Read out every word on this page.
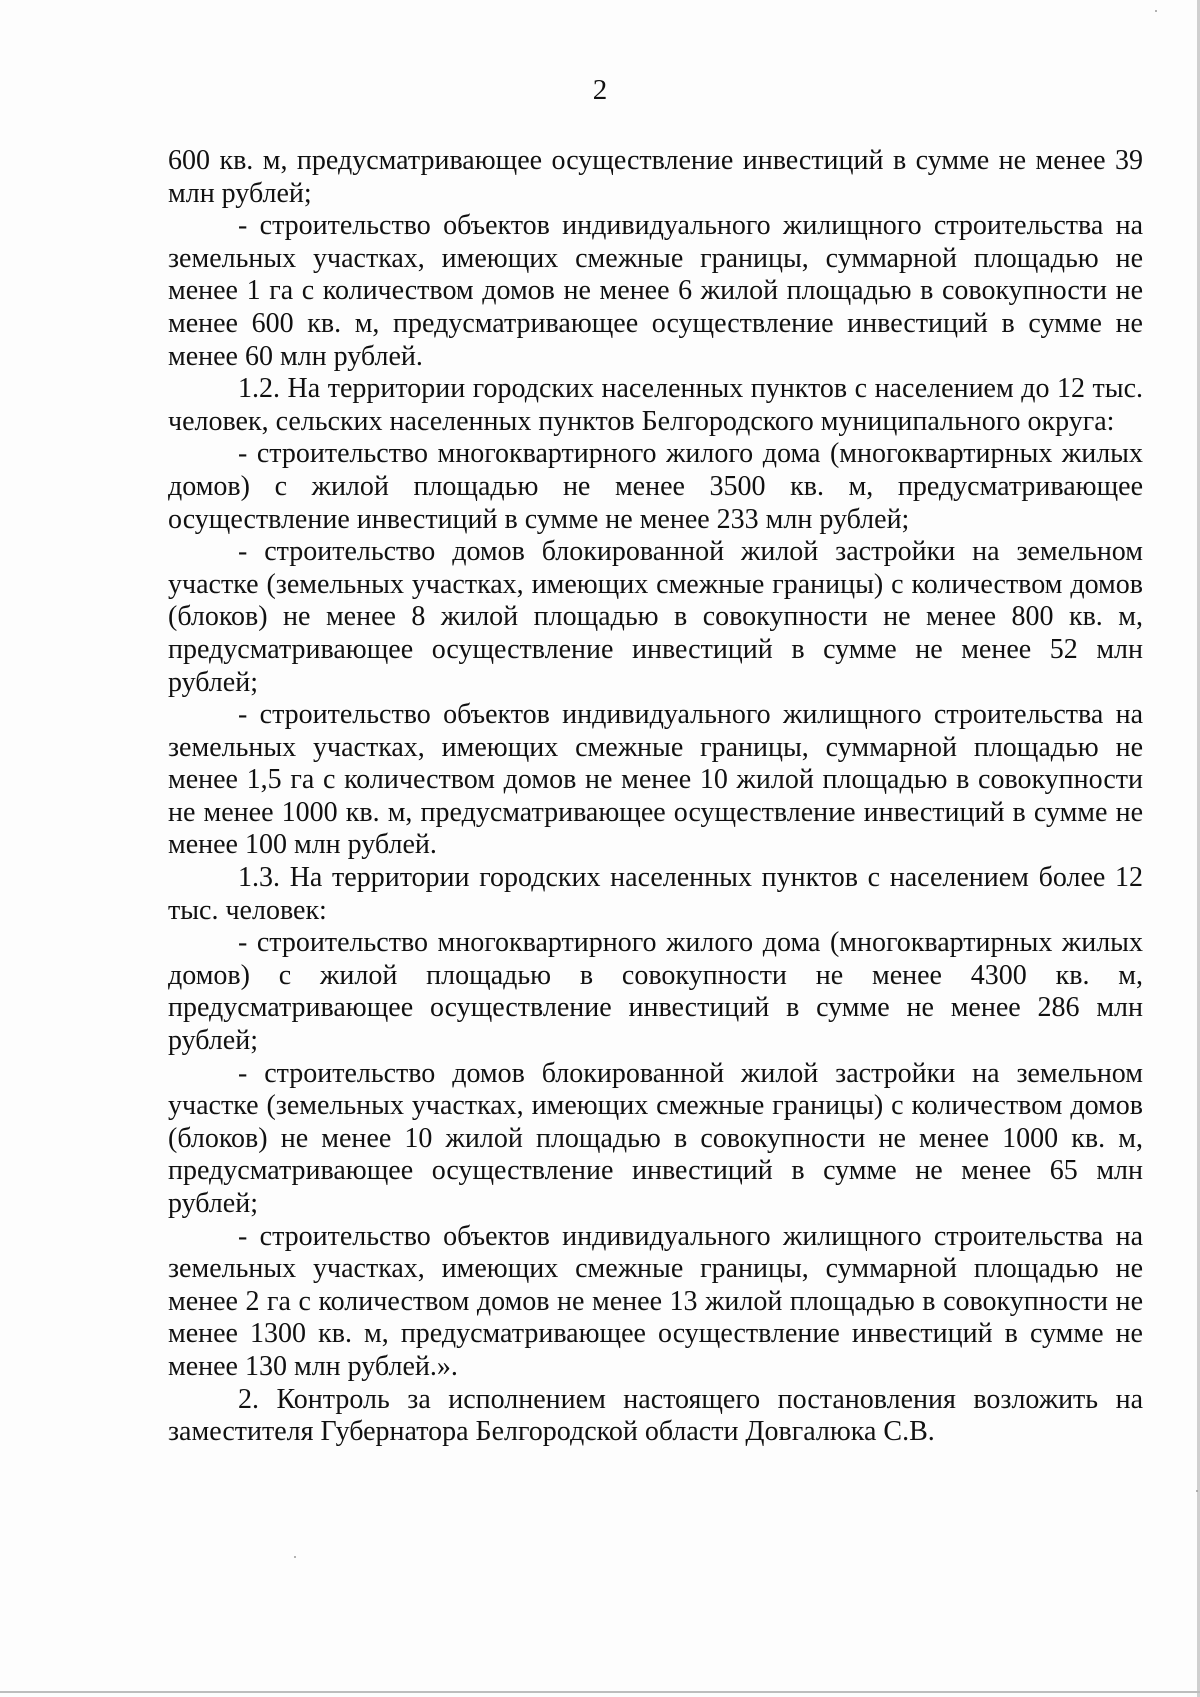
2

600 кв. м, предусматривающее осуществление инвестиций в сумме не менее 39 млн рублей;

- строительство объектов индивидуального жилищного строительства на земельных участках, имеющих смежные границы, суммарной площадью не менее 1 га с количеством домов не менее 6 жилой площадью в совокупности не менее 600 кв. м, предусматривающее осуществление инвестиций в сумме не менее 60 млн рублей.

1.2. На территории городских населенных пунктов с населением до 12 тыс. человек, сельских населенных пунктов Белгородского муниципального округа:

- строительство многоквартирного жилого дома (многоквартирных жилых домов) с жилой площадью не менее 3500 кв. м, предусматривающее осуществление инвестиций в сумме не менее 233 млн рублей;

- строительство домов блокированной жилой застройки на земельном участке (земельных участках, имеющих смежные границы) с количеством домов (блоков) не менее 8 жилой площадью в совокупности не менее 800 кв. м, предусматривающее осуществление инвестиций в сумме не менее 52 млн рублей;

- строительство объектов индивидуального жилищного строительства на земельных участках, имеющих смежные границы, суммарной площадью не менее 1,5 га с количеством домов не менее 10 жилой площадью в совокупности не менее 1000 кв. м, предусматривающее осуществление инвестиций в сумме не менее 100 млн рублей.

1.3. На территории городских населенных пунктов с населением более 12 тыс. человек:

- строительство многоквартирного жилого дома (многоквартирных жилых домов) с жилой площадью в совокупности не менее 4300 кв. м, предусматривающее осуществление инвестиций в сумме не менее 286 млн рублей;

- строительство домов блокированной жилой застройки на земельном участке (земельных участках, имеющих смежные границы) с количеством домов (блоков) не менее 10 жилой площадью в совокупности не менее 1000 кв. м, предусматривающее осуществление инвестиций в сумме не менее 65 млн рублей;

- строительство объектов индивидуального жилищного строительства на земельных участках, имеющих смежные границы, суммарной площадью не менее 2 га с количеством домов не менее 13 жилой площадью в совокупности не менее 1300 кв. м, предусматривающее осуществление инвестиций в сумме не менее 130 млн рублей.».

2. Контроль за исполнением настоящего постановления возложить на заместителя Губернатора Белгородской области Довгалюка С.В.
